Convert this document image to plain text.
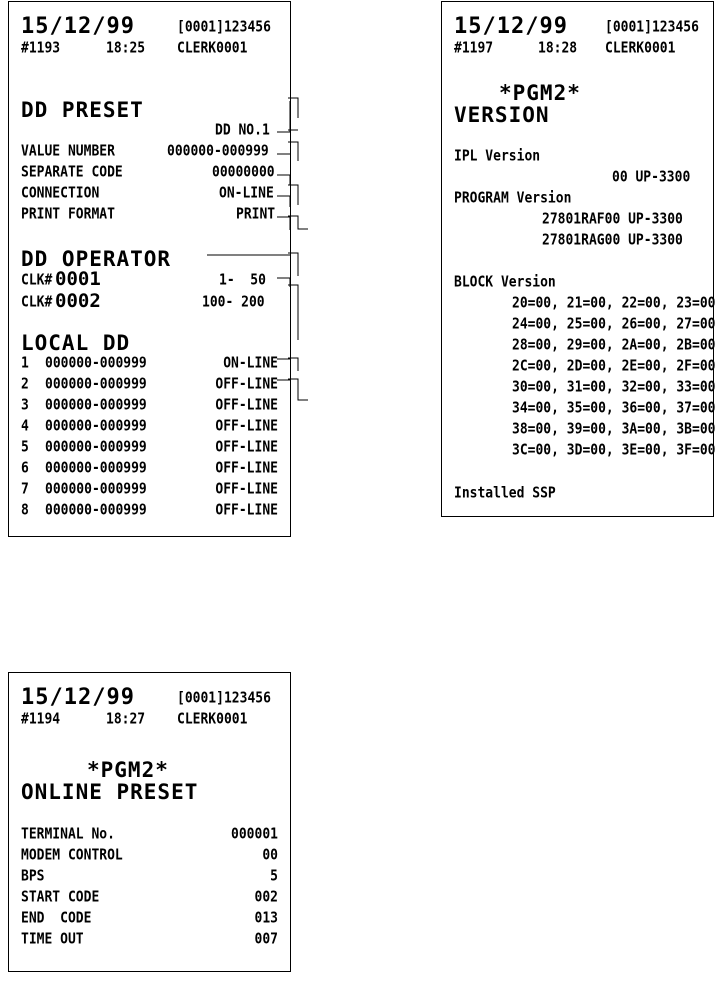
15/12/99	[0001]123456
#1193	18:25 CLERK0001
DD PRESET
DD NO.1
VALUE NUMBER	000000-000999
SEPARATE CODE	00000000
CONNECTION	ON-LINE
PRINT FORMAT	PRINT
DD OPERATOR
CLK# 0001	1-  50
CLK# 0002	100- 200
LOCAL DD
1 000000-000999	ON-LINE
2 000000-000999	OFF-LINE
3 000000-000999	OFF-LINE
4 000000-000999	OFF-LINE
5 000000-000999	OFF-LINE
6 000000-000999	OFF-LINE
7 000000-000999	OFF-LINE
8 000000-000999	OFF-LINE
15/12/99	[0001]123456
#1197	18:28 CLERK0001
*PGM2*
VERSION
IPL Version
00 UP-3300
PROGRAM Version
27801RAF00 UP-3300
27801RAG00 UP-3300
BLOCK Version
20=00, 21=00, 22=00, 23=00
24=00, 25=00, 26=00, 27=00
28=00, 29=00, 2A=00, 2B=00
2C=00, 2D=00, 2E=00, 2F=00
30=00, 31=00, 32=00, 33=00
34=00, 35=00, 36=00, 37=00
38=00, 39=00, 3A=00, 3B=00
3C=00, 3D=00, 3E=00, 3F=00
Installed SSP
15/12/99	[0001]123456
#1194	18:27 CLERK0001
*PGM2*
ONLINE PRESET
TERMINAL No.	000001
MODEM CONTROL	00
BPS	5
START CODE	002
END  CODE	013
TIME OUT	007
